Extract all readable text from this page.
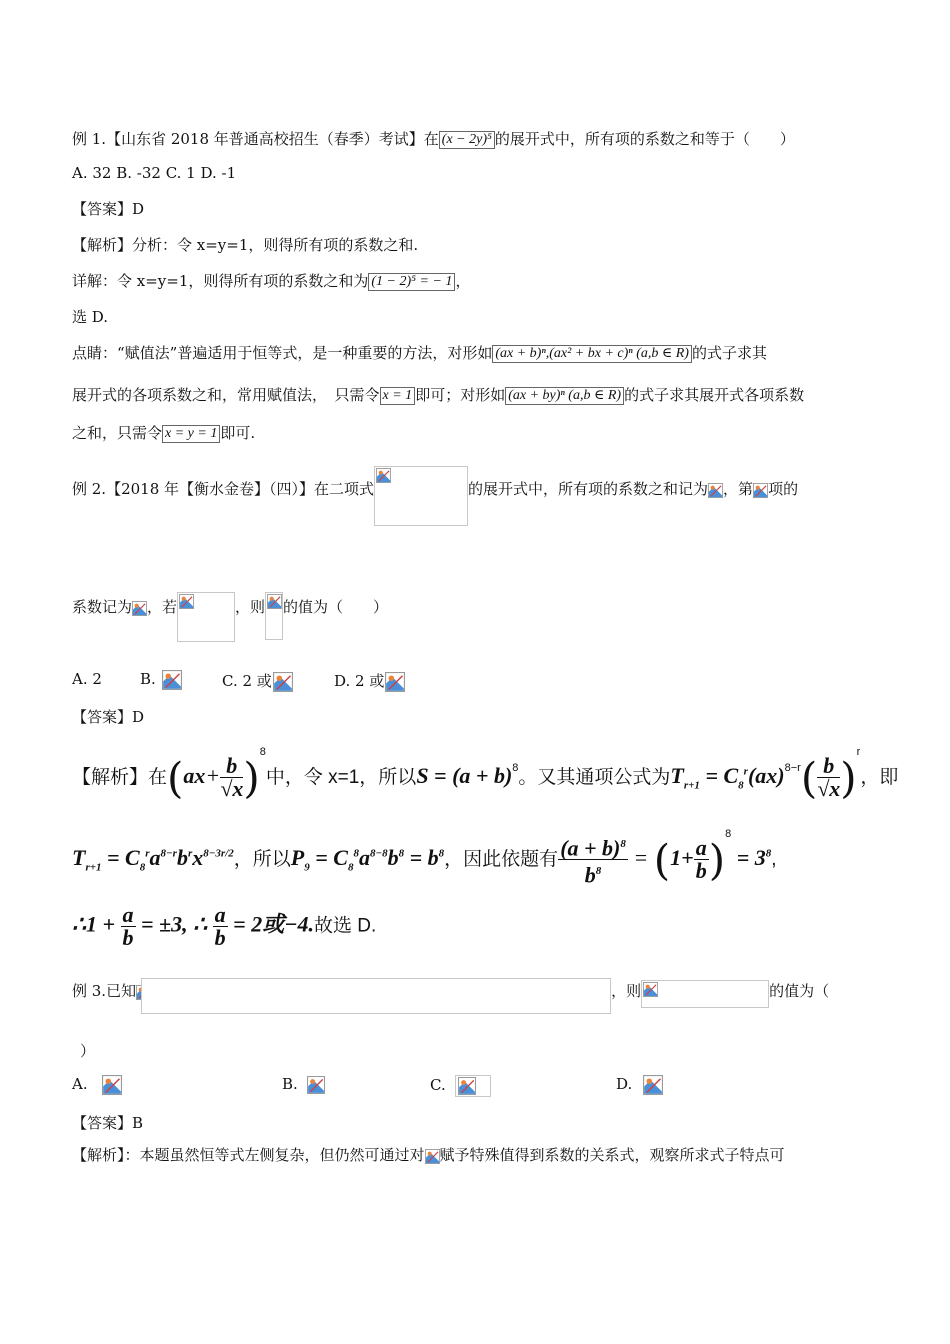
例 1.【山东省 2018 年普通高校招生（春季）考试】在 (x − 2y)⁵ 的展开式中，所有项的系数之和等于（　　）
A. 32 B. -32 C. 1 D. -1
【答案】D
【解析】分析：令 x=y=1，则得所有项的系数之和.
详解：令 x=y=1，则得所有项的系数之和为 (1 − 2)⁵ = − 1 ，
选 D.
点睛：“赋值法”普遍适用于恒等式，是一种重要的方法，对形如 (ax + b)ⁿ,(ax² + bx + c)ⁿ (a,b ∈ R) 的式子求其
展开式的各项系数之和，常用赋值法，　只需令 x = 1 即可；对形如 (ax + by)ⁿ (a,b ∈ R) 的式子求其展开式各项系数
之和，只需令 x = y = 1 即可.
例 2.【2018 年【衡水金卷】（四）】在二项式	的展开式中，所有项的系数之和记为 ，第 项的
系数记为 ，若	，则 的值为（　　）
A. 2	B.	C. 2 或	D. 2 或
【答案】D
【解析】在$(ax+ \frac{b}{√x} )^8$中，令 x=1，所以$S = (a + b)^8$。又其通项公式为$T_{r+1} = C_8^r(ax)^{8-r}( \frac{b}{√x} )^r$，即
$T_{r+1} = C_8^ra^{8-r}b^rx^{8-3r/2}$，所以$P_9 = C_8^8a^{8-8}b^8 = b^8$，因此依题有 $\frac{(a + b)^8}{b^8} = (1+ \frac{a}{b} )^8 = 3^8$,
∴1 + $\frac{a}{b} = \pm 3$, ∴ $\frac{a}{b} = 2$或−4.故选 D.
例 3.已知	，则	的值为（
）
A.	B.	C.	D.
【答案】B
【解析】：本题虽然恒等式左侧复杂，但仍然可通过对 赋予特殊值得到系数的关系式，观察所求式子特点可
